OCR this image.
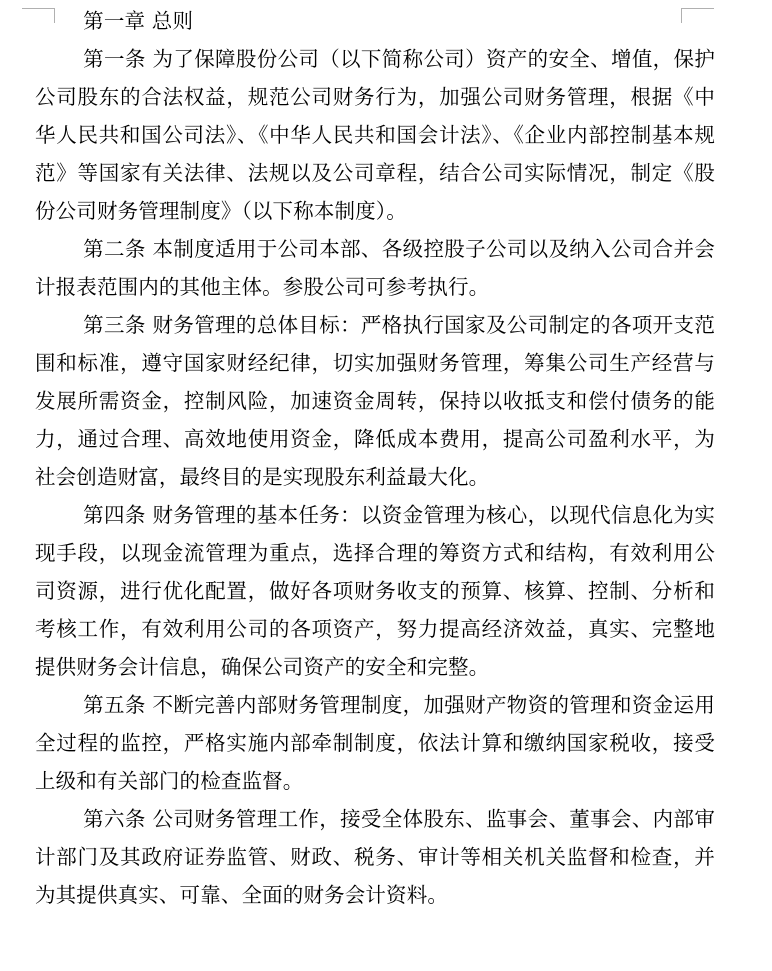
第一章 总则

第一条 为了保障股份公司（以下简称公司）资产的安全、增值，保护公司股东的合法权益，规范公司财务行为，加强公司财务管理，根据《中华人民共和国公司法》、《中华人民共和国会计法》、《企业内部控制基本规范》等国家有关法律、法规以及公司章程，结合公司实际情况，制定《股份公司财务管理制度》（以下称本制度）。

第二条 本制度适用于公司本部、各级控股子公司以及纳入公司合并会计报表范围内的其他主体。参股公司可参考执行。

第三条 财务管理的总体目标：严格执行国家及公司制定的各项开支范围和标准，遵守国家财经纪律，切实加强财务管理，筹集公司生产经营与发展所需资金，控制风险，加速资金周转，保持以收抵支和偿付债务的能力，通过合理、高效地使用资金，降低成本费用，提高公司盈利水平，为社会创造财富，最终目的是实现股东利益最大化。

第四条 财务管理的基本任务：以资金管理为核心，以现代信息化为实现手段，以现金流管理为重点，选择合理的筹资方式和结构，有效利用公司资源，进行优化配置，做好各项财务收支的预算、核算、控制、分析和考核工作，有效利用公司的各项资产，努力提高经济效益，真实、完整地提供财务会计信息，确保公司资产的安全和完整。

第五条 不断完善内部财务管理制度，加强财产物资的管理和资金运用全过程的监控，严格实施内部牵制制度，依法计算和缴纳国家税收，接受上级和有关部门的检查监督。

第六条 公司财务管理工作，接受全体股东、监事会、董事会、内部审计部门及其政府证券监管、财政、税务、审计等相关机关监督和检查，并为其提供真实、可靠、全面的财务会计资料。
